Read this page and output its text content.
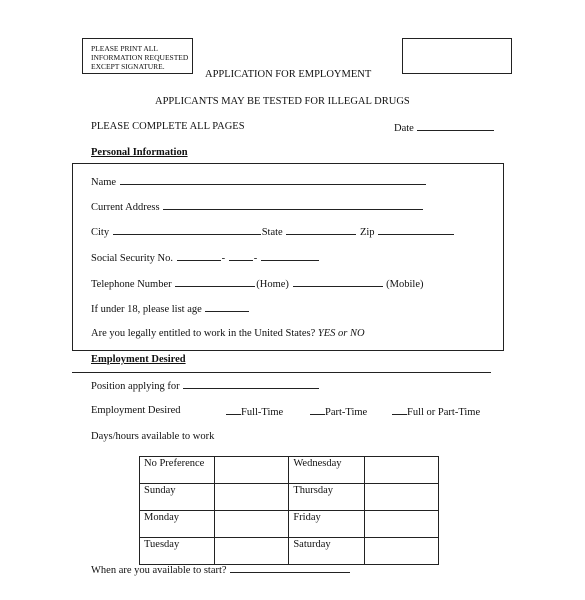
PLEASE PRINT ALL
INFORMATION REQUESTED
EXCEPT SIGNATURE.
APPLICATION FOR EMPLOYMENT
APPLICANTS MAY BE TESTED FOR ILLEGAL DRUGS
PLEASE COMPLETE ALL PAGES	Date
Personal Information
Name
Current Address
City	State	Zip
Social Security No.	-	-
Telephone Number	(Home)	(Mobile)
If under 18, please list age
Are you legally entitled to work in the United States? YES or NO
Employment Desired
Position applying for
Employment Desired	Full-Time	Part-Time	Full or Part-Time
Days/hours available to work
No Preference		Wednesday	
Sunday		Thursday	
Monday		Friday	
Tuesday		Saturday	
When are you available to start?
